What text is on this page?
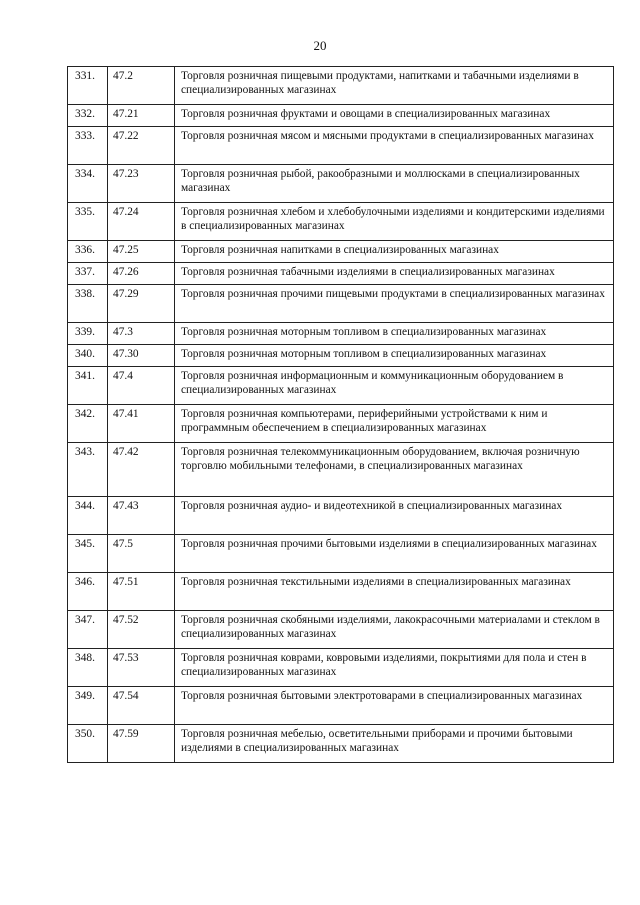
20
331.	47.2	Торговля розничная пищевыми продуктами, напитками и табачными изделиями в специализированных магазинах
332.	47.21	Торговля розничная фруктами и овощами в специализированных магазинах
333.	47.22	Торговля розничная мясом и мясными продуктами в специализированных магазинах
334.	47.23	Торговля розничная рыбой, ракообразными и моллюсками в специализированных магазинах
335.	47.24	Торговля розничная хлебом и хлебобулочными изделиями и кондитерскими изделиями в специализированных магазинах
336.	47.25	Торговля розничная напитками в специализированных магазинах
337.	47.26	Торговля розничная табачными изделиями в специализированных магазинах
338.	47.29	Торговля розничная прочими пищевыми продуктами в специализированных магазинах
339.	47.3	Торговля розничная моторным топливом в специализированных магазинах
340.	47.30	Торговля розничная моторным топливом в специализированных магазинах
341.	47.4	Торговля розничная информационным и коммуникационным оборудованием в специализированных магазинах
342.	47.41	Торговля розничная компьютерами, периферийными устройствами к ним и программным обеспечением в специализированных магазинах
343.	47.42	Торговля розничная телекоммуникационным оборудованием, включая розничную торговлю мобильными телефонами, в специализированных магазинах
344.	47.43	Торговля розничная аудио- и видеотехникой в специализированных магазинах
345.	47.5	Торговля розничная прочими бытовыми изделиями в специализированных магазинах
346.	47.51	Торговля розничная текстильными изделиями в специализированных магазинах
347.	47.52	Торговля розничная скобяными изделиями, лакокрасочными материалами и стеклом в специализированных магазинах
348.	47.53	Торговля розничная коврами, ковровыми изделиями, покрытиями для пола и стен в специализированных магазинах
349.	47.54	Торговля розничная бытовыми электротоварами в специализированных магазинах
350.	47.59	Торговля розничная мебелью, осветительными приборами и прочими бытовыми изделиями в специализированных магазинах
